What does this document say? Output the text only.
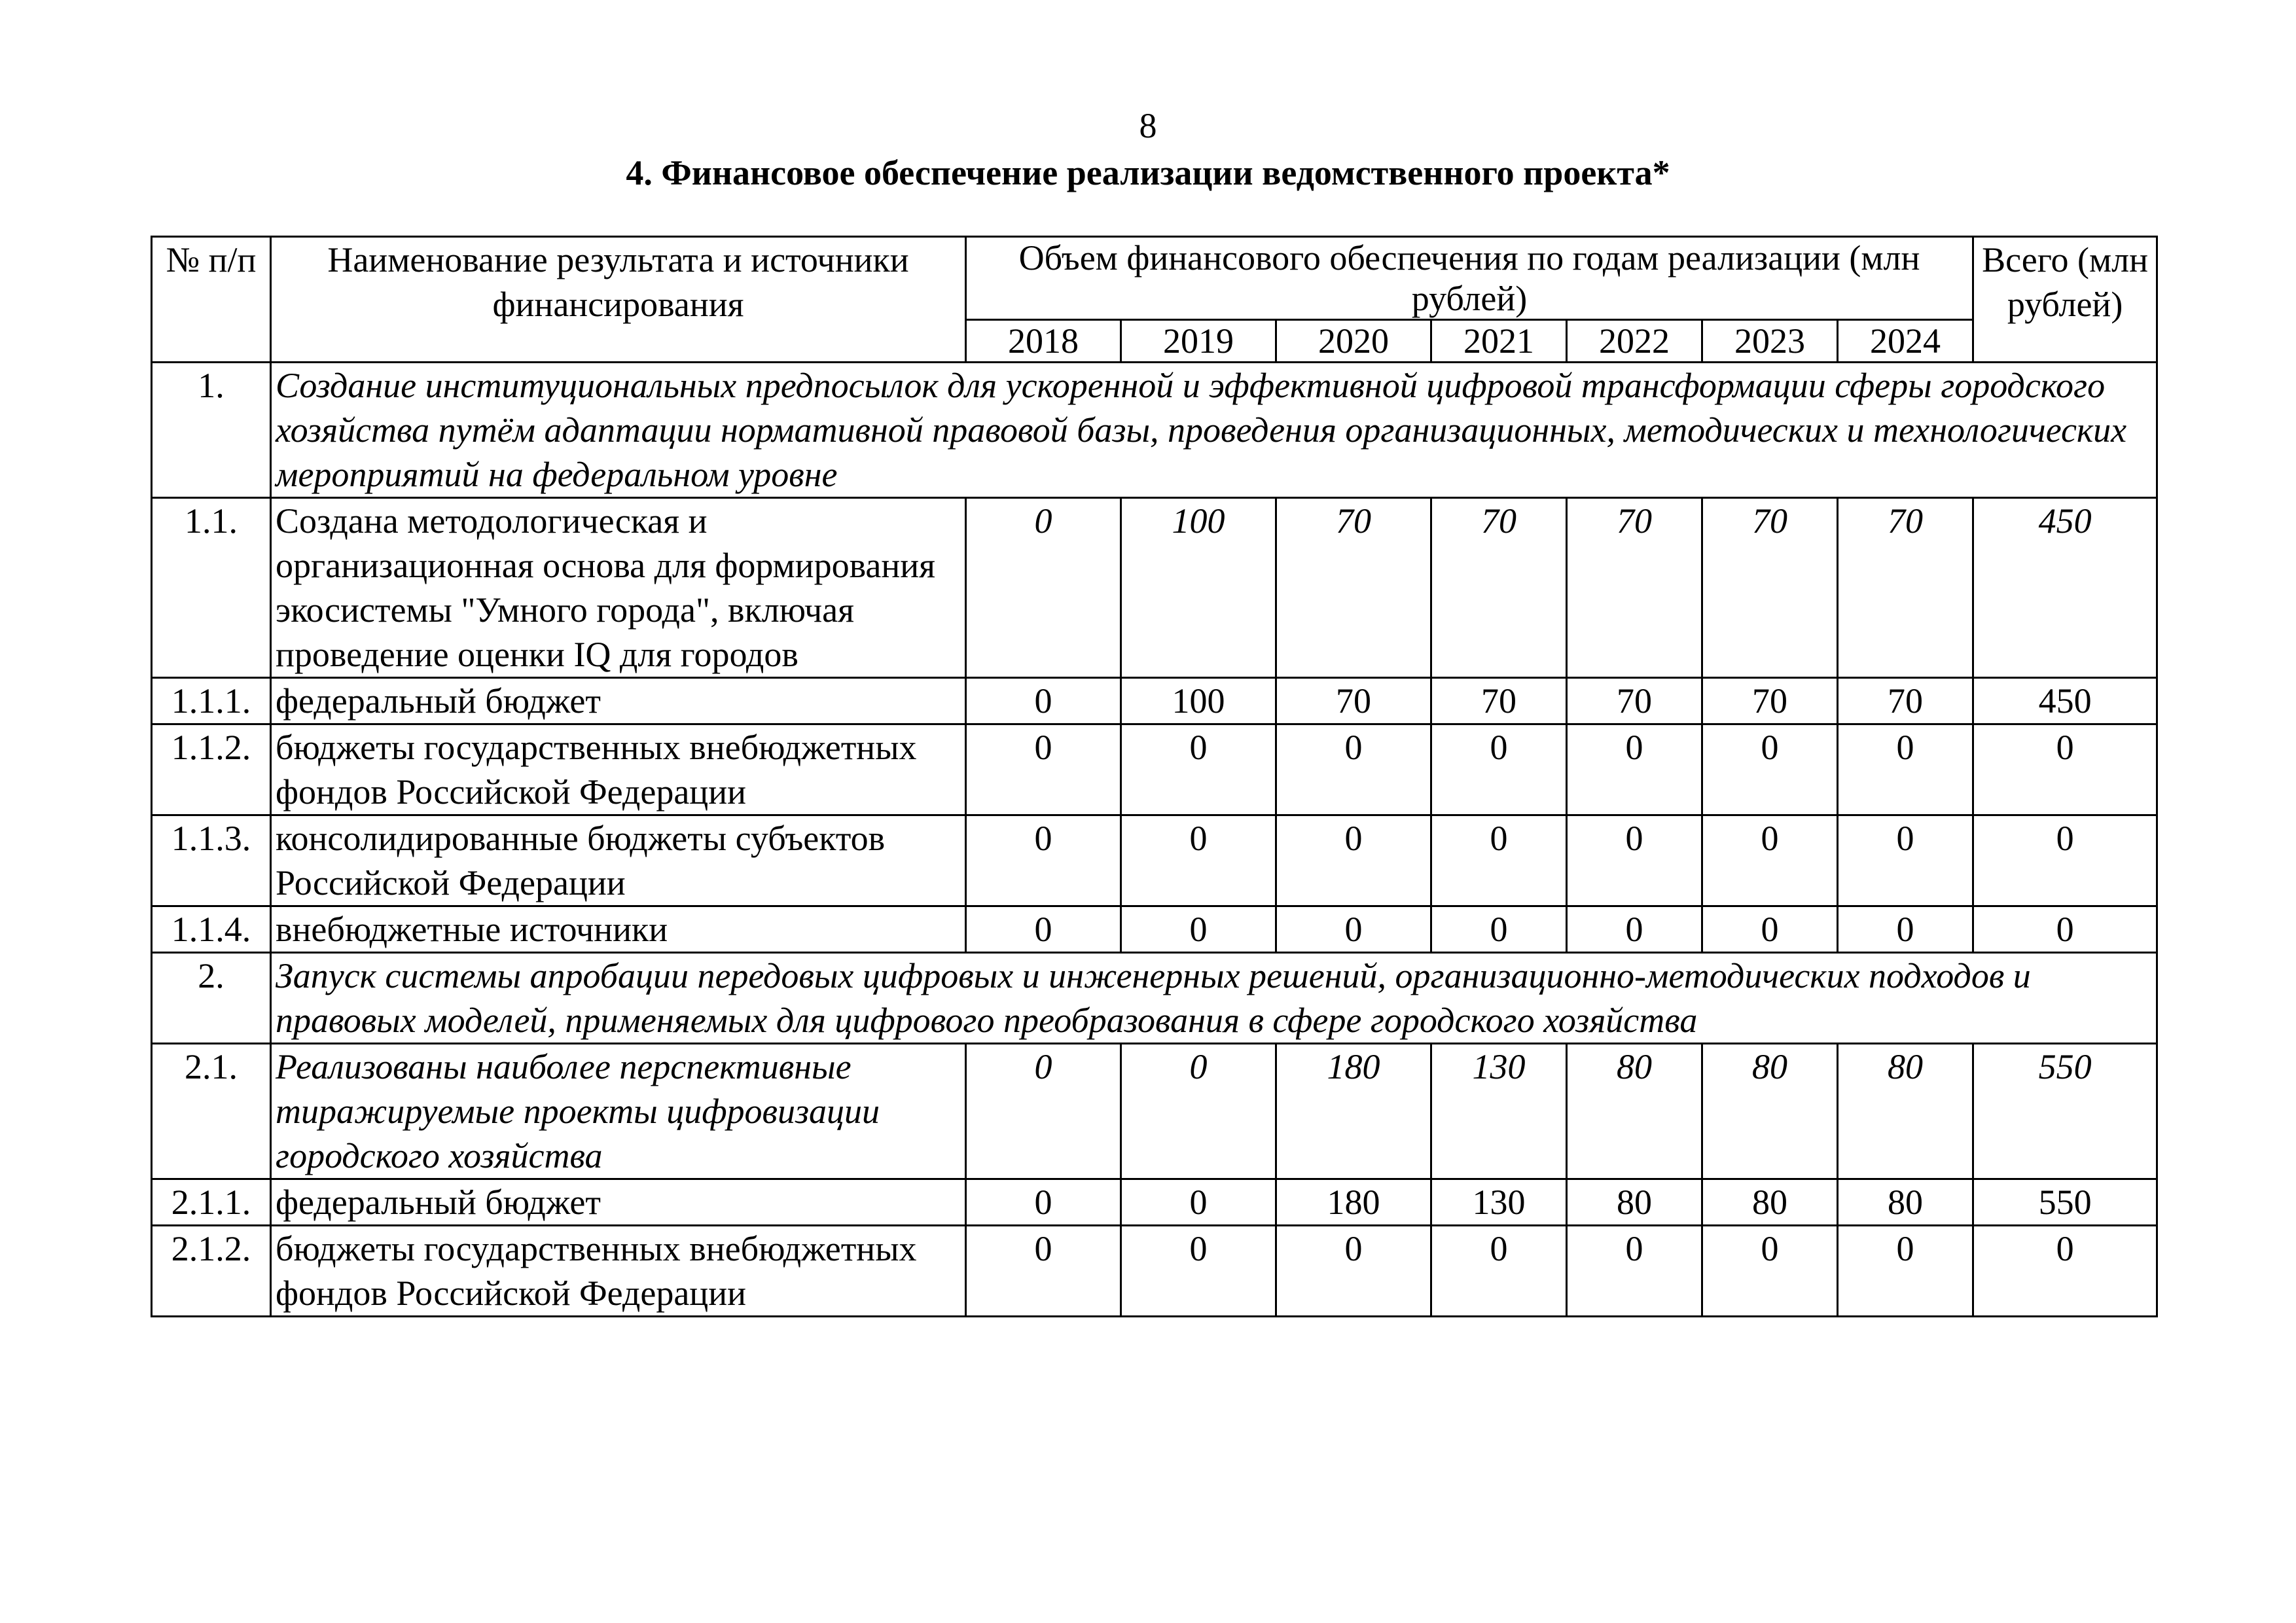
8
4. Финансовое обеспечение реализации ведомственного проекта*
№ п/п	Наименование результата и источники финансирования	Объем финансового обеспечения по годам реализации (млн рублей)							Всего (млн рублей)
		2018	2019	2020	2021	2022	2023	2024	
1.	Создание институциональных предпосылок для ускоренной и эффективной цифровой трансформации сферы городского хозяйства путём адаптации нормативной правовой базы, проведения организационных, методических и технологических мероприятий на федеральном уровне								
1.1.	Создана методологическая и организационная основа для формирования экосистемы "Умного города", включая проведение оценки IQ для городов	0	100	70	70	70	70	70	450
1.1.1.	федеральный бюджет	0	100	70	70	70	70	70	450
1.1.2.	бюджеты государственных внебюджетных фондов Российской Федерации	0	0	0	0	0	0	0	0
1.1.3.	консолидированные бюджеты субъектов Российской Федерации	0	0	0	0	0	0	0	0
1.1.4.	внебюджетные источники	0	0	0	0	0	0	0	0
2.	Запуск системы апробации передовых цифровых и инженерных решений, организационно-методических подходов и правовых моделей, применяемых для цифрового преобразования в сфере городского хозяйства								
2.1.	Реализованы наиболее перспективные тиражируемые проекты цифровизации городского хозяйства	0	0	180	130	80	80	80	550
2.1.1.	федеральный бюджет	0	0	180	130	80	80	80	550
2.1.2.	бюджеты государственных внебюджетных фондов Российской Федерации	0	0	0	0	0	0	0	0
